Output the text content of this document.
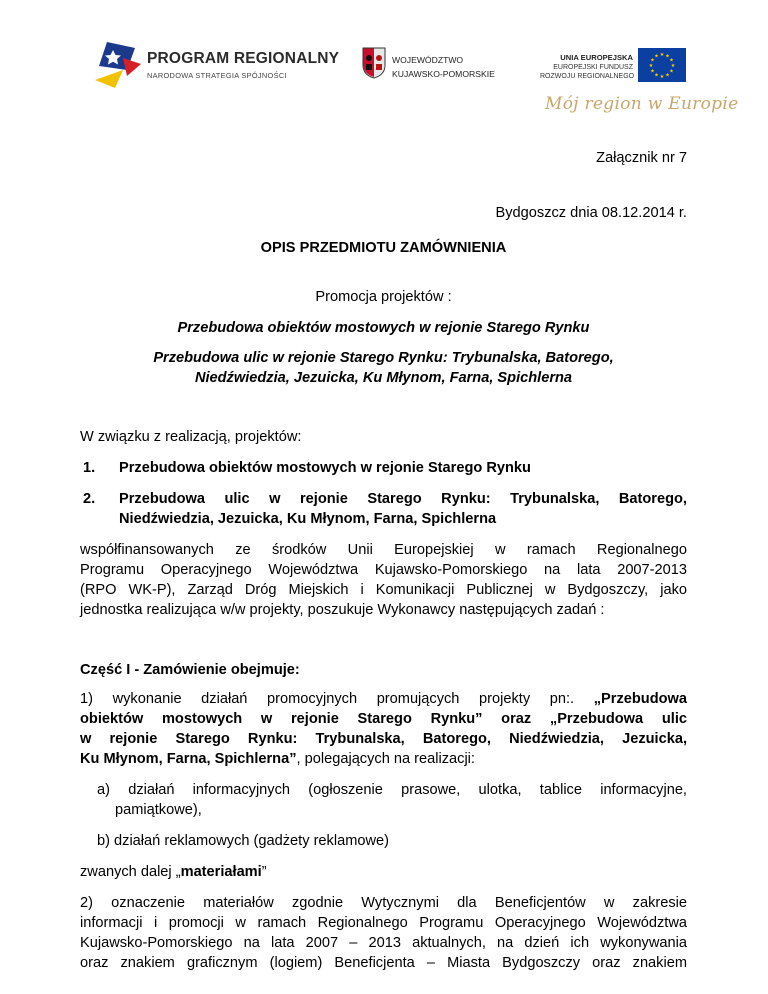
PROGRAM REGIONALNY
NARODOWA STRATEGIA SPÓJNOŚCI
WOJEWÓDZTWO
KUJAWSKO-POMORSKIE
UNIA EUROPEJSKA
EUROPEJSKI FUNDUSZ
ROZWOJU REGIONALNEGO
★ ★
★
★
★
★
★
★
★
★
★
★
Mój region w Europie
Załącznik nr 7
Bydgoszcz dnia 08.12.2014 r.
OPIS PRZEDMIOTU ZAMÓWNIENIA
Promocja projektów :
Przebudowa obiektów mostowych w rejonie Starego Rynku
Przebudowa ulic w rejonie Starego Rynku: Trybunalska, Batorego,
Niedźwiedzia, Jezuicka, Ku Młynom, Farna, Spichlerna
W związku z realizacją, projektów:
1.	Przebudowa obiektów mostowych w rejonie Starego Rynku
2.	Przebudowa ulic w rejonie Starego Rynku: Trybunalska, Batorego,
Niedźwiedzia, Jezuicka, Ku Młynom, Farna, Spichlerna
współfinansowanych ze środków Unii Europejskiej w ramach Regionalnego
Programu Operacyjnego Województwa Kujawsko-Pomorskiego na lata 2007-2013
(RPO WK-P), Zarząd Dróg Miejskich i Komunikacji Publicznej w Bydgoszczy, jako
jednostka realizująca w/w projekty, poszukuje Wykonawcy następujących zadań :
Część I - Zamówienie obejmuje:
1) wykonanie działań promocyjnych promujących projekty pn:. „Przebudowa
obiektów mostowych w rejonie Starego Rynku” oraz „Przebudowa ulic
w rejonie Starego Rynku: Trybunalska, Batorego, Niedźwiedzia, Jezuicka,
Ku Młynom, Farna, Spichlerna”, polegających na realizacji:
a) działań informacyjnych (ogłoszenie prasowe, ulotka, tablice informacyjne,
pamiątkowe),
b) działań reklamowych (gadżety reklamowe)
zwanych dalej „materiałami”
2) oznaczenie materiałów zgodnie Wytycznymi dla Beneficjentów w zakresie
informacji i promocji w ramach Regionalnego Programu Operacyjnego Województwa
Kujawsko-Pomorskiego na lata 2007 – 2013 aktualnych, na dzień ich wykonywania
oraz znakiem graficznym (logiem) Beneficjenta – Miasta Bydgoszczy oraz znakiem
